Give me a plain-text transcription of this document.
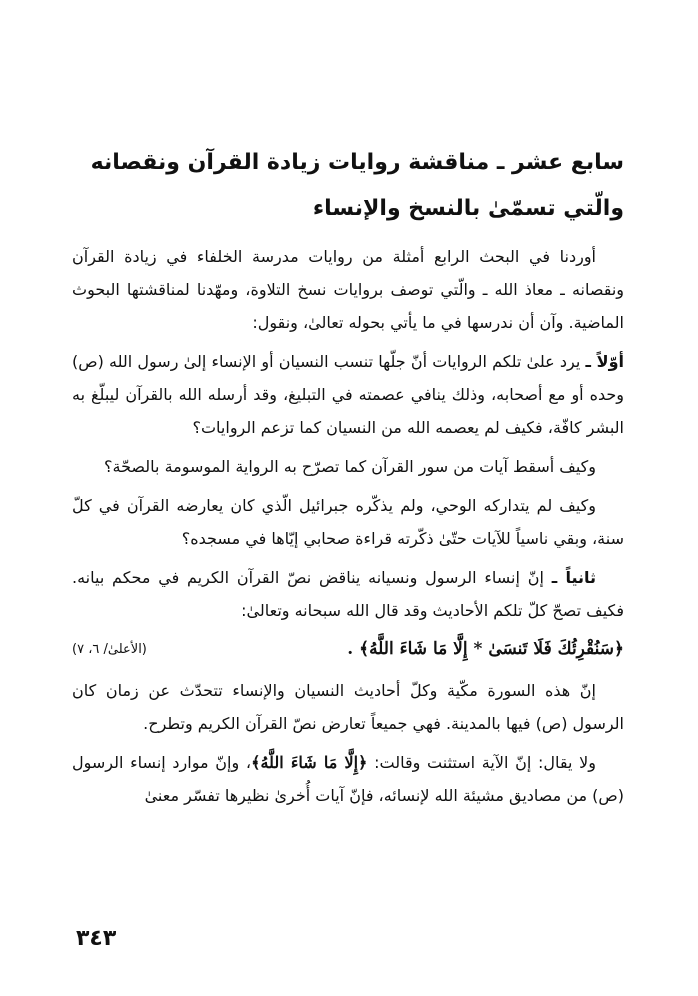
سابع عشر ـ مناقشة روايات زيادة القرآن ونقصانه والّتي تسمّىٰ بالنسخ والإنساء

أوردنا في البحث الرابع أمثلة من روايات مدرسة الخلفاء في زيادة القرآن ونقصانه ـ معاذ الله ـ والّتي توصف بروايات نسخ التلاوة، ومهّدنا لمناقشتها البحوث الماضية. وآن أن ندرسها في ما يأتي بحوله تعالىٰ، ونقول:

أوّلاً ـ يرد علىٰ تلكم الروايات أنّ جلّها تنسب النسيان أو الإنساء إلىٰ رسول الله (ص) وحده أو مع أصحابه، وذلك ينافي عصمته في التبليغ، وقد أرسله الله بالقرآن ليبلّغ به البشر كافّة، فكيف لم يعصمه الله من النسيان كما تزعم الروايات؟

وكيف أسقط آيات من سور القرآن كما تصرّح به الرواية الموسومة بالصحّة؟

وكيف لم يتداركه الوحي، ولم يذكّره جبرائيل الّذي كان يعارضه القرآن في كلّ سنة، وبقي ناسياً للآيات حتّىٰ ذكّرته قراءة صحابي إيّاها في مسجده؟

ثانياً ـ إنّ إنساء الرسول ونسيانه يناقض نصّ القرآن الكريم في محكم بيانه. فكيف تصحّ كلّ تلكم الأحاديث وقد قال الله سبحانه وتعالىٰ:

﴿سَنُقْرِئُكَ فَلَا تَنسَىٰ * إِلَّا مَا شَاءَ اللَّهُ﴾ .
(الأعلىٰ/ ٦، ٧)

إنّ هذه السورة مكّية وكلّ أحاديث النسيان والإنساء تتحدّث عن زمان كان الرسول (ص) فيها بالمدينة. فهي جميعاً تعارض نصّ القرآن الكريم وتطرح.

ولا يقال: إنّ الآية استثنت وقالت: ﴿إِلَّا مَا شَاءَ اللَّهُ﴾، وإنّ موارد إنساء الرسول (ص) من مصاديق مشيئة الله لإنسائه، فإنّ آيات أُخرىٰ نظيرها تفسّر معنىٰ

٣٤٣
